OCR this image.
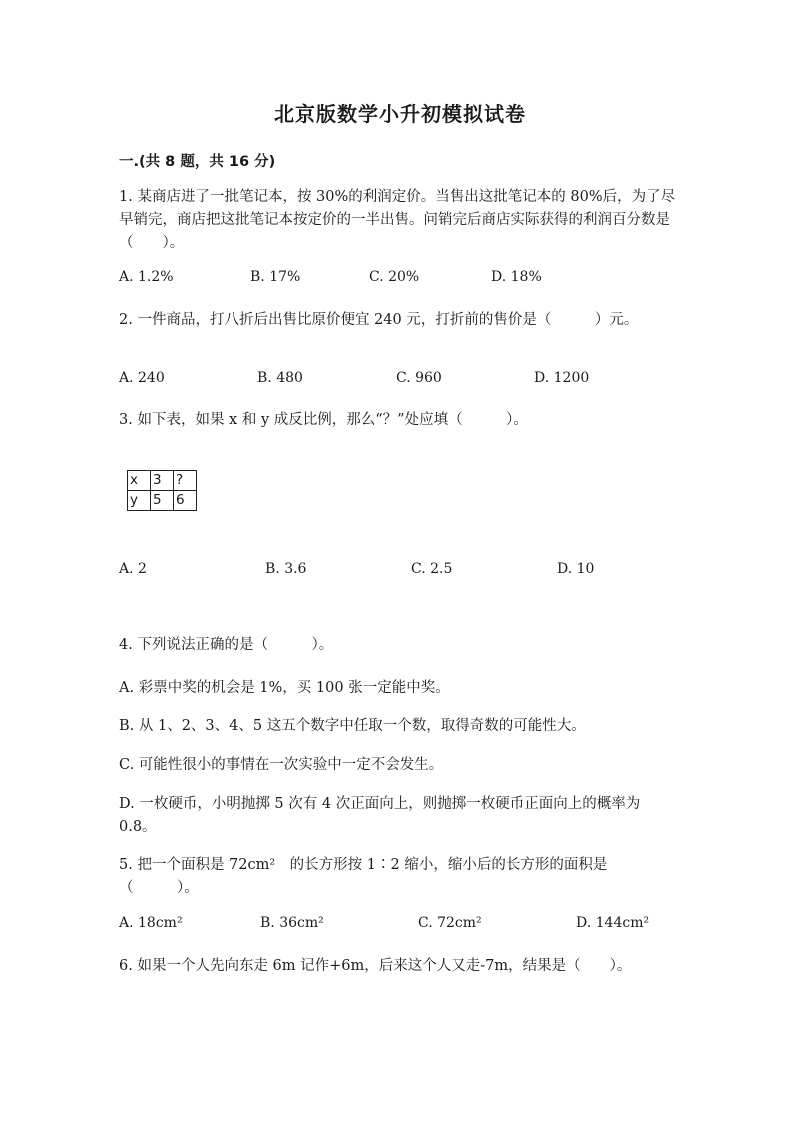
北京版数学小升初模拟试卷
一.(共 8 题，共 16 分)
1. 某商店进了一批笔记本，按 30%的利润定价。当售出这批笔记本的 80%后，为了尽早销完，商店把这批笔记本按定价的一半出售。问销完后商店实际获得的利润百分数是（　　）。
A. 1.2%	B. 17%	C. 20%	D. 18%
2. 一件商品，打八折后出售比原价便宜 240 元，打折前的售价是（　　　）元。
A. 240	B. 480	C. 960	D. 1200
3. 如下表，如果 x 和 y 成反比例，那么“？”处应填（　　　）。
x	3	?
y	5	6
A. 2	B. 3.6	C. 2.5	D. 10
4. 下列说法正确的是（　　　）。
A. 彩票中奖的机会是 1%，买 100 张一定能中奖。
B. 从 1、2、3、4、5 这五个数字中任取一个数，取得奇数的可能性大。
C. 可能性很小的事情在一次实验中一定不会发生。
D. 一枚硬币，小明抛掷 5 次有 4 次正面向上，则抛掷一枚硬币正面向上的概率为 0.8。
5. 把一个面积是 72cm²　的长方形按 1∶2 缩小，缩小后的长方形的面积是（　　　）。
A. 18cm²	B. 36cm²	C. 72cm²	D. 144cm²
6. 如果一个人先向东走 6m 记作+6m，后来这个人又走-7m，结果是（　　）。
